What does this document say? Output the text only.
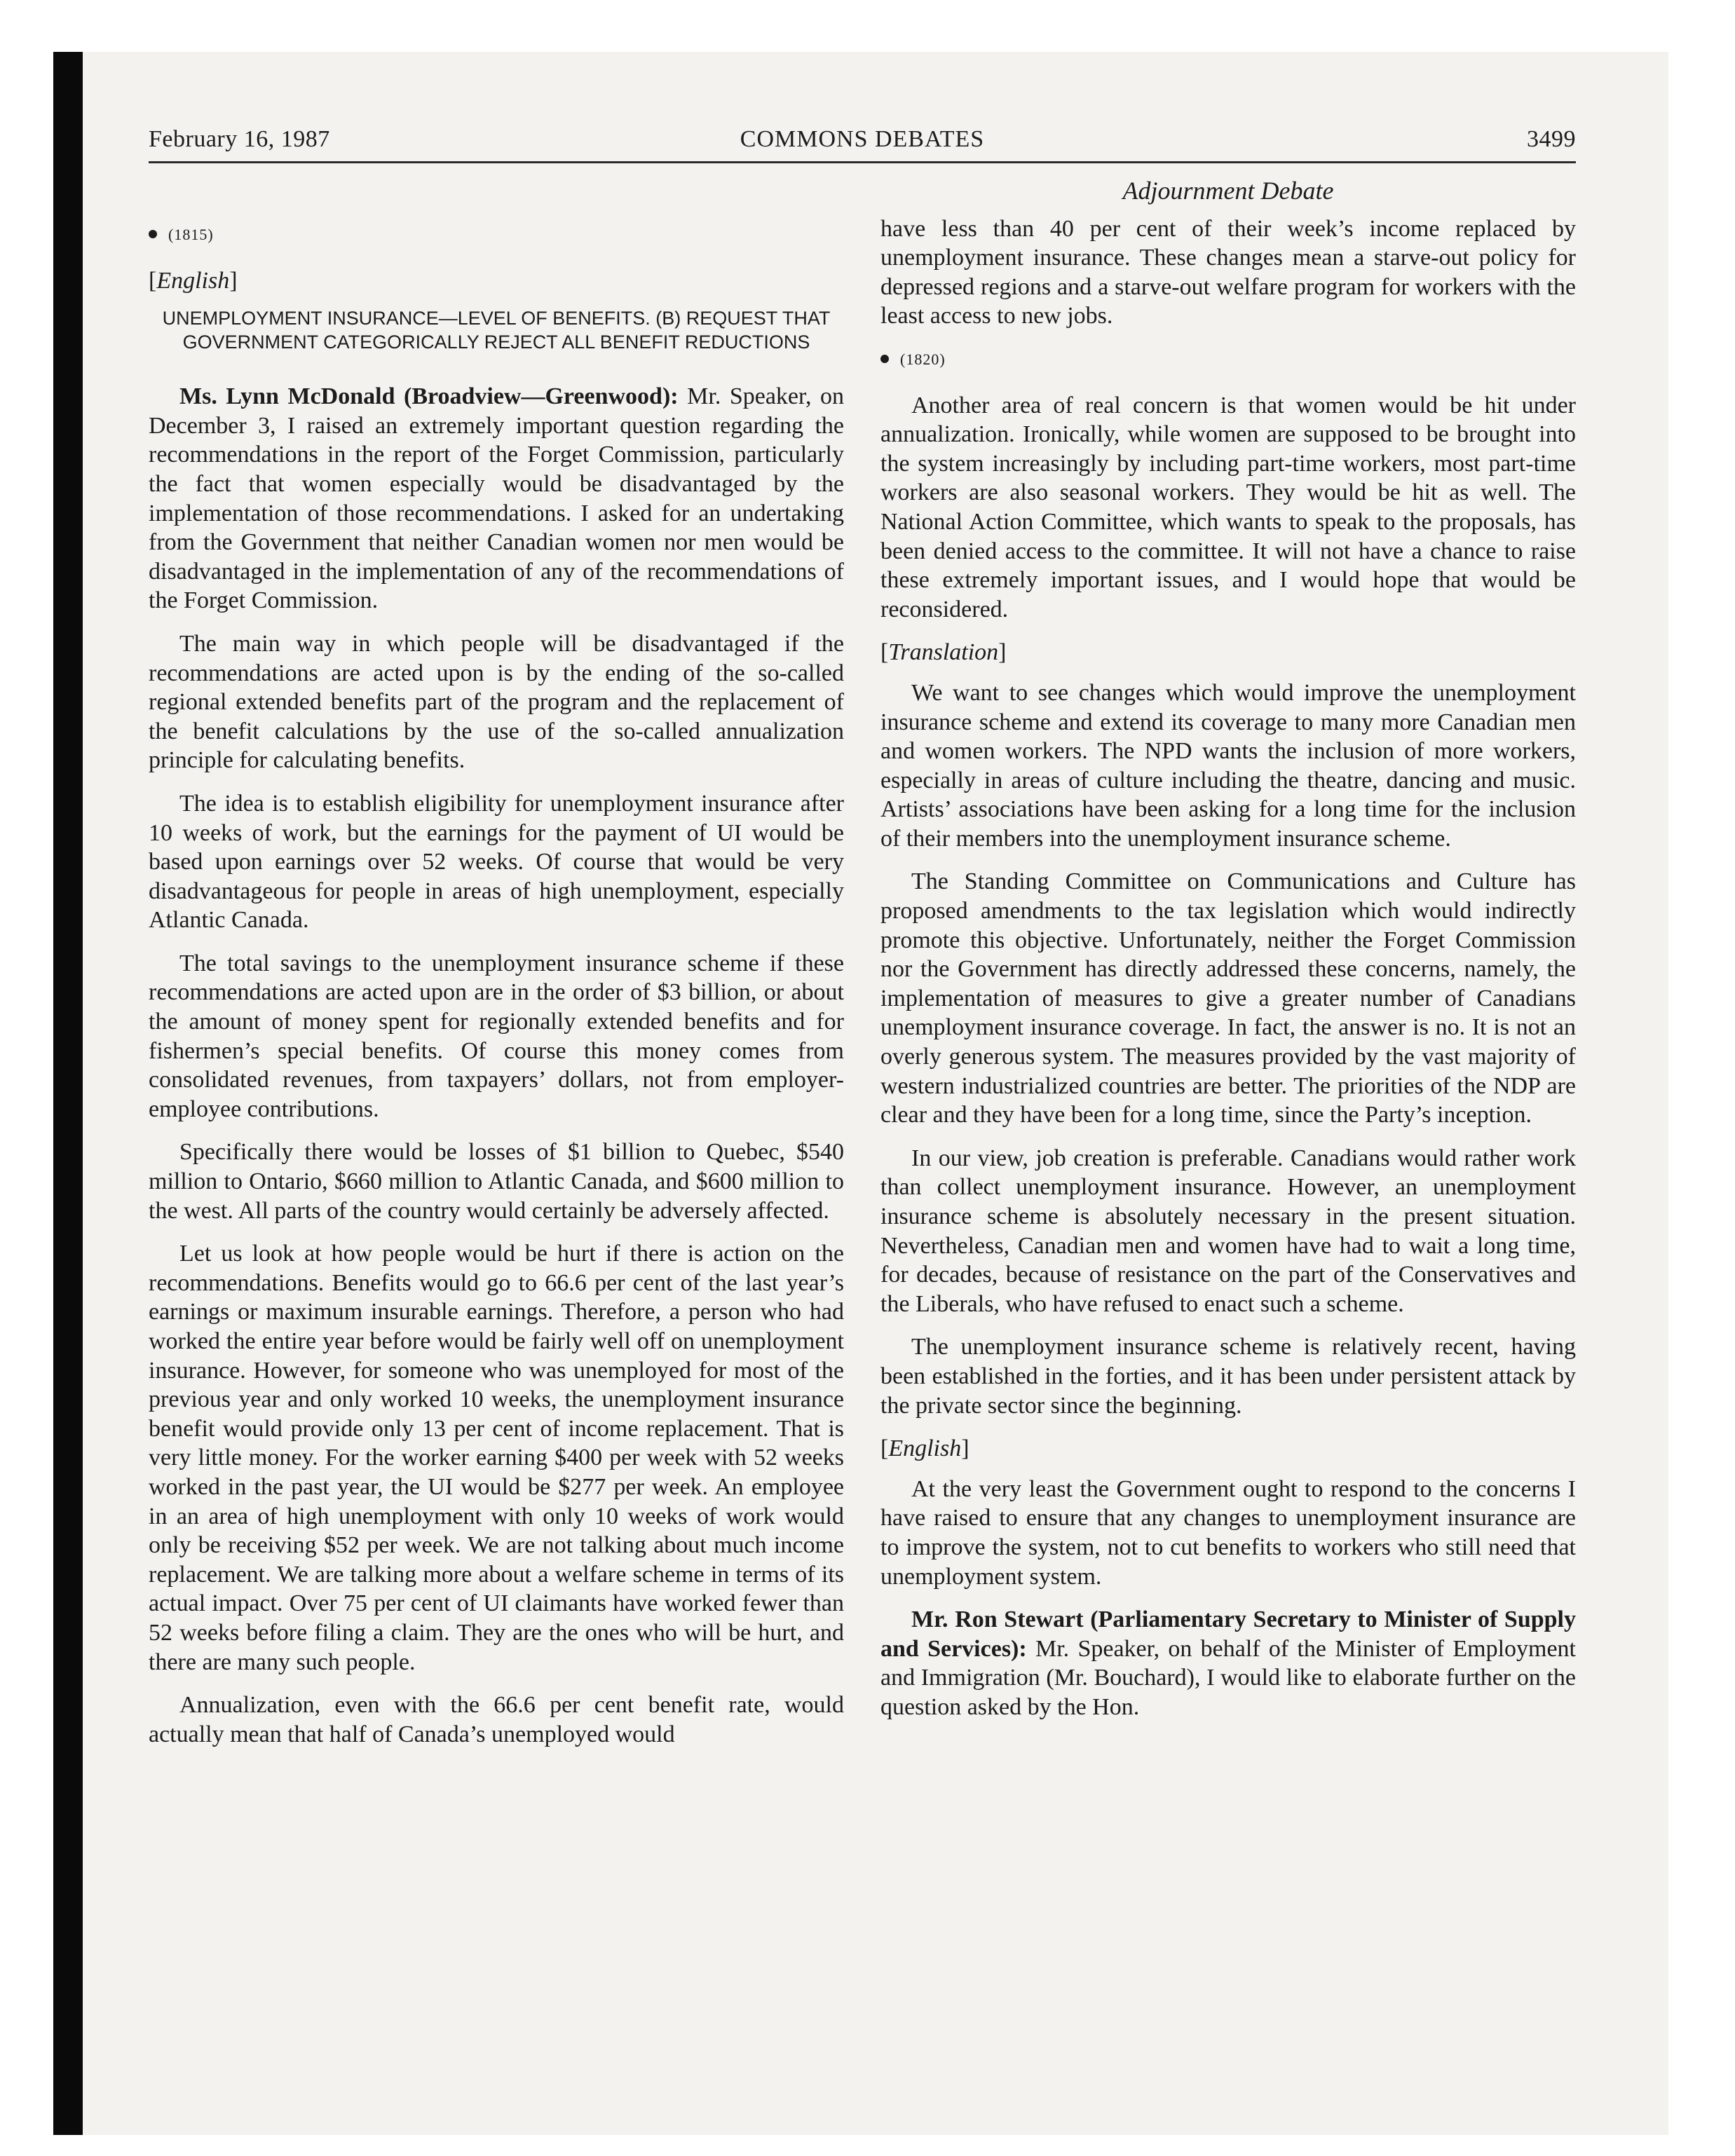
COMMONS DEBATES
February 16, 1987	3499
(1815)
[English]
UNEMPLOYMENT INSURANCE—LEVEL OF BENEFITS. (B) REQUEST THAT GOVERNMENT CATEGORICALLY REJECT ALL BENEFIT REDUCTIONS

Ms. Lynn McDonald (Broadview—Greenwood): Mr. Speaker, on December 3, I raised an extremely important question regarding the recommendations in the report of the Forget Commission, particularly the fact that women especially would be disadvantaged by the implementation of those recommendations. I asked for an undertaking from the Government that neither Canadian women nor men would be disadvantaged in the implementation of any of the recommendations of the Forget Commission.

The main way in which people will be disadvantaged if the recommendations are acted upon is by the ending of the so-called regional extended benefits part of the program and the replacement of the benefit calculations by the use of the so-called annualization principle for calculating benefits.

The idea is to establish eligibility for unemployment insurance after 10 weeks of work, but the earnings for the payment of UI would be based upon earnings over 52 weeks. Of course that would be very disadvantageous for people in areas of high unemployment, especially Atlantic Canada.

The total savings to the unemployment insurance scheme if these recommendations are acted upon are in the order of $3 billion, or about the amount of money spent for regionally extended benefits and for fishermen’s special benefits. Of course this money comes from consolidated revenues, from taxpayers’ dollars, not from employer-employee contributions.

Specifically there would be losses of $1 billion to Quebec, $540 million to Ontario, $660 million to Atlantic Canada, and $600 million to the west. All parts of the country would certainly be adversely affected.

Let us look at how people would be hurt if there is action on the recommendations. Benefits would go to 66.6 per cent of the last year’s earnings or maximum insurable earnings. Therefore, a person who had worked the entire year before would be fairly well off on unemployment insurance. However, for someone who was unemployed for most of the previous year and only worked 10 weeks, the unemployment insurance benefit would provide only 13 per cent of income replacement. That is very little money. For the worker earning $400 per week with 52 weeks worked in the past year, the UI would be $277 per week. An employee in an area of high unemployment with only 10 weeks of work would only be receiving $52 per week. We are not talking about much income replacement. We are talking more about a welfare scheme in terms of its actual impact. Over 75 per cent of UI claimants have worked fewer than 52 weeks before filing a claim. They are the ones who will be hurt, and there are many such people.

Annualization, even with the 66.6 per cent benefit rate, would actually mean that half of Canada’s unemployed would

Adjournment Debate

have less than 40 per cent of their week’s income replaced by unemployment insurance. These changes mean a starve-out policy for depressed regions and a starve-out welfare program for workers with the least access to new jobs.

(1820)

Another area of real concern is that women would be hit under annualization. Ironically, while women are supposed to be brought into the system increasingly by including part-time workers, most part-time workers are also seasonal workers. They would be hit as well. The National Action Committee, which wants to speak to the proposals, has been denied access to the committee. It will not have a chance to raise these extremely important issues, and I would hope that would be reconsidered.

[Translation]

We want to see changes which would improve the unemployment insurance scheme and extend its coverage to many more Canadian men and women workers. The NPD wants the inclusion of more workers, especially in areas of culture including the theatre, dancing and music. Artists’ associations have been asking for a long time for the inclusion of their members into the unemployment insurance scheme.

The Standing Committee on Communications and Culture has proposed amendments to the tax legislation which would indirectly promote this objective. Unfortunately, neither the Forget Commission nor the Government has directly addressed these concerns, namely, the implementation of measures to give a greater number of Canadians unemployment insurance coverage. In fact, the answer is no. It is not an overly generous system. The measures provided by the vast majority of western industrialized countries are better. The priorities of the NDP are clear and they have been for a long time, since the Party’s inception.

In our view, job creation is preferable. Canadians would rather work than collect unemployment insurance. However, an unemployment insurance scheme is absolutely necessary in the present situation. Nevertheless, Canadian men and women have had to wait a long time, for decades, because of resistance on the part of the Conservatives and the Liberals, who have refused to enact such a scheme.

The unemployment insurance scheme is relatively recent, having been established in the forties, and it has been under persistent attack by the private sector since the beginning.

[English]

At the very least the Government ought to respond to the concerns I have raised to ensure that any changes to unemployment insurance are to improve the system, not to cut benefits to workers who still need that unemployment system.

Mr. Ron Stewart (Parliamentary Secretary to Minister of Supply and Services): Mr. Speaker, on behalf of the Minister of Employment and Immigration (Mr. Bouchard), I would like to elaborate further on the question asked by the Hon.
